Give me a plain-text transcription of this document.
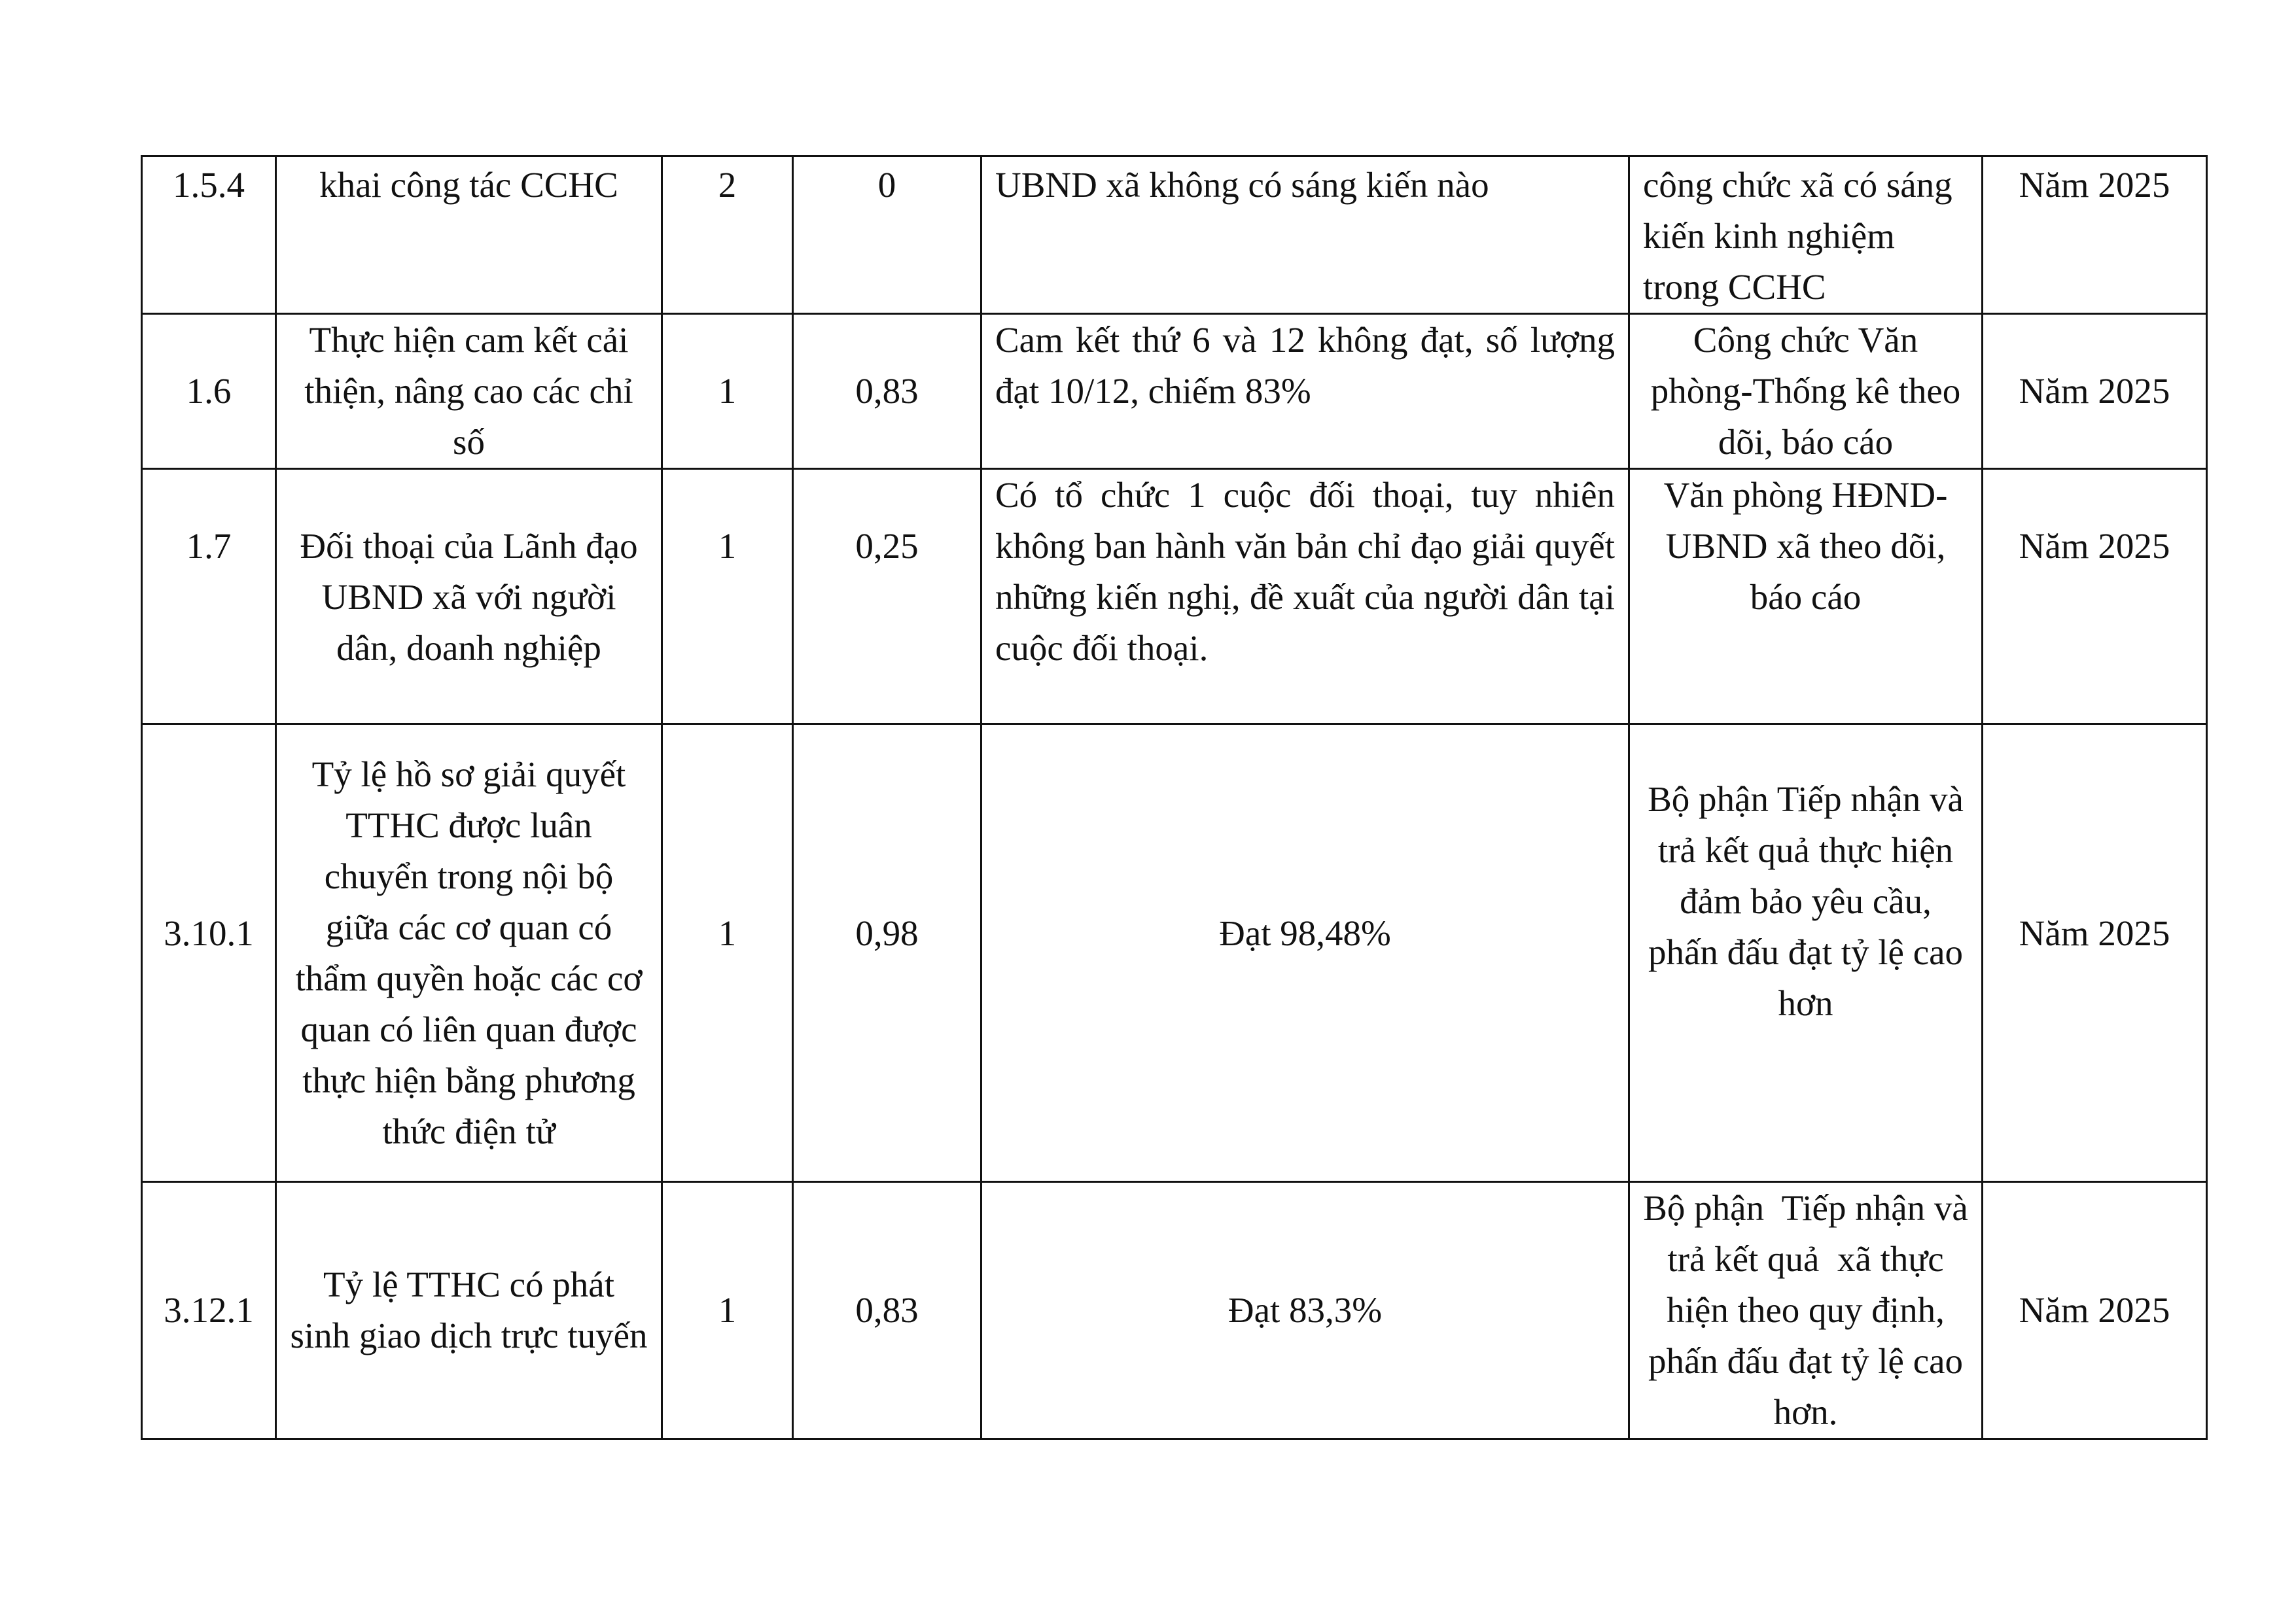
1.5.4	khai công tác CCHC	2	0	UBND xã không có sáng kiến nào	công chức xã có sáng kiến kinh nghiệm trong CCHC	Năm 2025

1.6	Thực hiện cam kết cải thiện, nâng cao các chỉ số	1	0,83	Cam kết thứ 6 và 12 không đạt, số lượng đạt 10/12, chiếm 83%	Công chức Văn phòng-Thống kê theo dõi, báo cáo	Năm 2025

1.7	Đối thoại của Lãnh đạo UBND xã với người dân, doanh nghiệp	1	0,25	Có tổ chức 1 cuộc đối thoại, tuy nhiên không ban hành văn bản chỉ đạo giải quyết những kiến nghị, đề xuất của người dân tại cuộc đối thoại.	Văn phòng HĐND-UBND xã theo dõi, báo cáo	Năm 2025

3.10.1	Tỷ lệ hồ sơ giải quyết TTHC được luân chuyển trong nội bộ giữa các cơ quan có thẩm quyền hoặc các cơ quan có liên quan được thực hiện bằng phương thức điện tử	1	0,98	Đạt 98,48%	Bộ phận Tiếp nhận và trả kết quả thực hiện đảm bảo yêu cầu, phấn đấu đạt tỷ lệ cao hơn	Năm 2025

3.12.1	Tỷ lệ TTHC có phát sinh giao dịch trực tuyến	1	0,83	Đạt 83,3%	Bộ phận  Tiếp nhận và trả kết quả  xã thực hiện theo quy định, phấn đấu đạt tỷ lệ cao hơn.	Năm 2025
